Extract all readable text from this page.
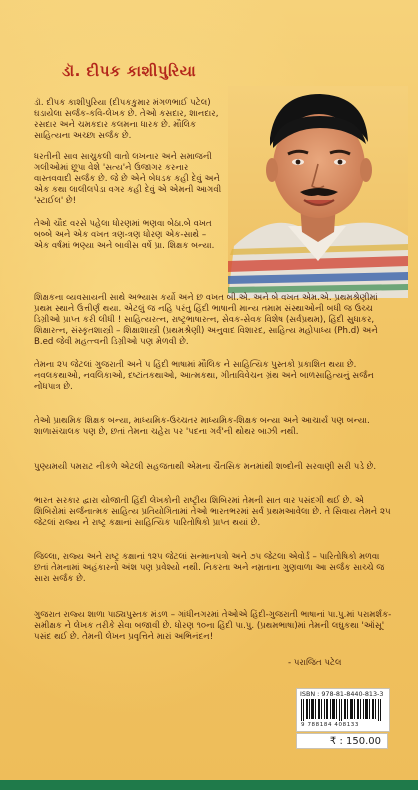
ડૉ. દીપક કાશીપુરિયા

ડૉ. દીપક કાશીપુરિયા (દીપકકુમાર મંગળભાઈ પટેલ) ઘડાયેલા સર્જક-કવિ-લેખક છે. તેઓ કસદાર, શાનદાર, રસદાર અને ચમકદાર કલમના ધારક છે. મૌલિક સાહિત્યના અચ્છા સર્જક છે.

ધરતીની સાવ સાચુકલી વાતો લખનાર અને સમાજની ગલીઓમાં છૂપા વેશે 'સત્ય'ને ઉજાગર કરનાર વાસ્તવવાદી સર્જક છે. જે છે એને બેધડક કહી દેવું અને એક કથા લાલીલપેડા વગર કહી દેવું એ એમની આગવી 'સ્ટાઈલ' છે!

તેઓ ચૌદ વરસે પહેલા ધોરણમાં ભણવા બેઠા.બે વખત બબ્બે અને એક વખત ત્રણ-ત્રણ ધોરણ એક-સાથે – એક વર્ષમાં ભણ્યા અને બાવીસ વર્ષે પ્રા. શિક્ષક બન્યા.

શિક્ષકના વ્યવસાયની સાથે અભ્યાસ કર્યો અને છ વખત બી.એ. અને બે વખત એમ.એ. પ્રથમશ્રેણીમાં પ્રથમ સ્થાને ઉત્તીર્ણ થયા. એટલું જ નહિ પરંતુ હિંદી ભાષાની માન્ય તમામ સંસ્થાઓની બધી જ ઉચ્ચ ડિગ્રીઓ પ્રાપ્ત કરી લીધી ! સાહિત્યરત્ન, રાષ્ટ્રભાષારત્ન, સેવક-સેવક વિશેષ (સર્વપ્રથમ), હિંદી સુધાકર, શિક્ષારત્ન, સંસ્કૃતશાસ્ત્રી – શિક્ષાશાસ્ત્રી (પ્રથમશ્રેણી) અનુવાદ વિશારદ, સાહિત્ય મહોપાધ્ય (Ph.d) અને B.ed જેવી મહત્ત્વની ડિગ્રીઓ પણ મેળવી છે.

તેમના ૨૫ જેટલાં ગુજરાતી અને ૫ હિંદી ભાષામાં મૌલિક ને સાહિત્યિક પુસ્તકો પ્રકાશિત થયા છે. નવલકથાઓ, નવલિકાઓ, દષ્ટાંતકથાઓ, આત્મકથા, ગીતાવિવેચન ગ્રંથ અને બાળસાહિત્યનું સર્જન નોંધપાત્ર છે.

તેઓ પ્રાથમિક શિક્ષક બન્યા, માધ્યમિક-ઉચ્ચતર માધ્યમિક-શિક્ષક બન્યા અને આચાર્ય પણ બન્યા. શાળાસંચાલક પણ છે, છતાં તેમના ચહેરા પર 'પદના ગર્વ'ની થોથર બાઝી નથી.

પુણ્યમયી પમરાટ નીકળે એટલી સહજતાથી એમના ચૈતસિક મનમાંથી શબ્દોની સરવાણી સરી પડે છે.

ભારત સરકાર દ્વારા યોજાતી હિંદી લેખકોની રાષ્ટ્રીય શિબિરમાં તેમની સાત વાર પસંદગી થઈ છે. એ શિબિરોમાં સર્જનાત્મક સાહિત્ય પ્રતિયોગિતામાં તેઓ ભારતભરમાં સર્વ પ્રથમઆવેલા છે. તે સિવાય તેમને ૨૫ જેટલાં રાજ્ય ને રાષ્ટ્ર કક્ષાનાં સાહિત્યિક પારિતોષિકો પ્રાપ્ત થયાં છે.

જિલ્લા, રાજ્ય અને રાષ્ટ્ર કક્ષાનાં ૧૨૫ જેટલાં સન્માનપત્રો અને ૭૫ જેટલા એવોર્ડ – પારિતોષિકો મળવા છતાં તેમનામાં અહંકારનો અંશ પણ પ્રવેશ્યો નથી. નિકરતા અને નમ્રતાના ગુણવાળા આ સર્જક સાચ્ચે જ સારા સર્જક છે.

ગુજરાત રાજ્ય શાળા પાઠ્યપુસ્તક મંડળ – ગાંધીનગરમાં તેઓએ હિંદી-ગુજરાતી ભાષાનાં પા.પુ.માં પરામર્શક-સમીક્ષક ને લેખક તરીકે સેવા બજાવી છે. ધોરણ ૧૦ના હિંદી પા.પુ. (પ્રથમભાષા)માં તેમની લઘુકથા 'ઑંસૂ' પસંદ થઈ છે. તેમની લેખન પ્રવૃત્તિને મારાં અભિનંદન!

- પરાજિત પટેલ
ISBN : 978-81-8440-813-3
9 788184 408133
₹ : 150.00
